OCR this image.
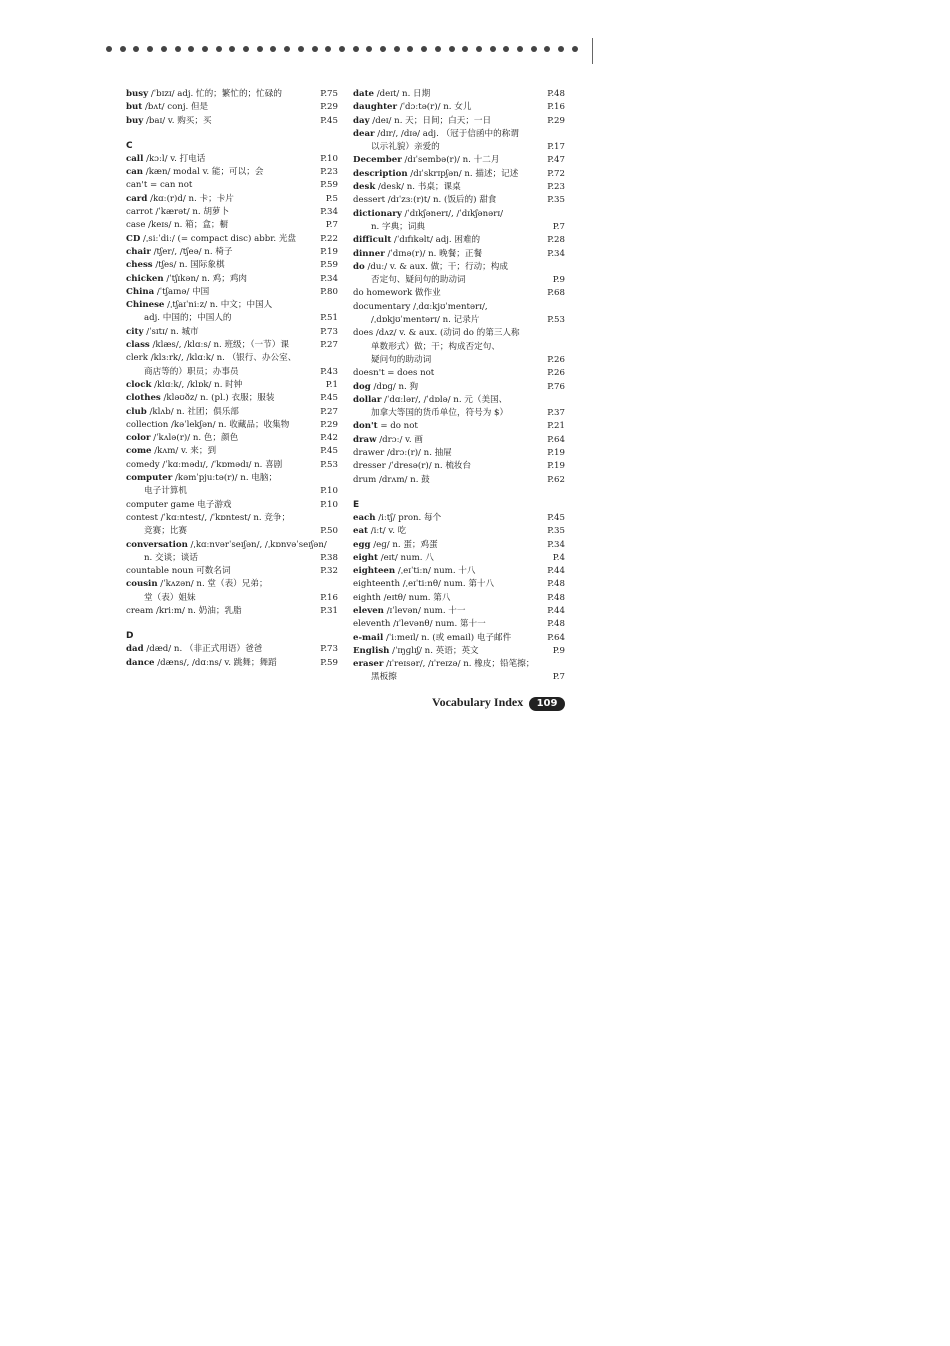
busy /ˈbɪzɪ/ adj. 忙的；繁忙的；忙碌的	P.75
but /bʌt/ conj. 但是	P.29
buy /baɪ/ v. 购买；买	P.45
C
call /kɔːl/ v. 打电话	P.10
can /kæn/ modal v. 能；可以；会	P.23
can't = can not	P.59
card /kɑː(r)d/ n. 卡；卡片	P.5
carrot /ˈkærət/ n. 胡萝卜	P.34
case /keɪs/ n. 箱；盒；橱	P.7
CD /ˌsiːˈdiː/ (= compact disc) abbr. 光盘	P.22
chair /tʃer/, /tʃeə/ n. 椅子	P.19
chess /tʃes/ n. 国际象棋	P.59
chicken /ˈtʃɪkən/ n. 鸡；鸡肉	P.34
China /ˈtʃaɪnə/ 中国	P.80
Chinese /ˌtʃaɪˈniːz/ n. 中文；中国人
adj. 中国的；中国人的	P.51
city /ˈsɪtɪ/ n. 城市	P.73
class /klæs/, /klɑːs/ n. 班级；（一节）课	P.27
clerk /klɜːrk/, /klɑːk/ n. （银行、办公室、
商店等的）职员；办事员	P.43
clock /klɑːk/, /klɒk/ n. 时钟	P.1
clothes /kləʊðz/ n. (pl.) 衣服；服装	P.45
club /klʌb/ n. 社团；俱乐部	P.27
collection /kəˈlekʃən/ n. 收藏品；收集物	P.29
color /ˈkʌlə(r)/ n. 色；颜色	P.42
come /kʌm/ v. 来；到	P.45
comedy /ˈkɑːmədɪ/, /ˈkɒmədɪ/ n. 喜剧	P.53
computer /kəmˈpjuːtə(r)/ n. 电脑；
电子计算机	P.10
computer game 电子游戏	P.10
contest /ˈkɑːntest/, /ˈkɒntest/ n. 竞争；
竞赛；比赛	P.50
conversation /ˌkɑːnvərˈseɪʃən/, /ˌkɒnvəˈseɪʃən/
n. 交谈；谈话	P.38
countable noun 可数名词	P.32
cousin /ˈkʌzən/ n. 堂（表）兄弟；
堂（表）姐妹	P.16
cream /kriːm/ n. 奶油；乳脂	P.31
D
dad /dæd/ n. （非正式用语）爸爸	P.73
dance /dæns/, /dɑːns/ v. 跳舞；舞蹈	P.59
date /deɪt/ n. 日期	P.48
daughter /ˈdɔːtə(r)/ n. 女儿	P.16
day /deɪ/ n. 天；日间；白天；一日	P.29
dear /dɪr/, /dɪə/ adj. （冠于信函中的称谓
以示礼貌）亲爱的	P.17
December /dɪˈsembə(r)/ n. 十二月	P.47
description /dɪˈskrɪpʃən/ n. 描述；记述	P.72
desk /desk/ n. 书桌；课桌	P.23
dessert /dɪˈzɜː(r)t/ n. (饭后的) 甜食	P.35
dictionary /ˈdɪkʃənerɪ/, /ˈdɪkʃənərɪ/
n. 字典；词典	P.7
difficult /ˈdɪfɪkəlt/ adj. 困难的	P.28
dinner /ˈdɪnə(r)/ n. 晚餐；正餐	P.34
do /duː/ v. & aux. 做；干；行动；构成
否定句、疑问句的助动词	P.9
do homework 做作业	P.68
documentary /ˌdɑːkjʊˈmentərɪ/,
/ˌdɒkjʊˈmentərɪ/ n. 记录片	P.53
does /dʌz/ v. & aux. (动词 do 的第三人称
单数形式）做；干；构成否定句、
疑问句的助动词	P.26
doesn't = does not	P.26
dog /dɒɡ/ n. 狗	P.76
dollar /ˈdɑːlər/, /ˈdɒlə/ n. 元（美国、
加拿大等国的货币单位，符号为 $）	P.37
don't = do not	P.21
draw /drɔː/ v. 画	P.64
drawer /drɔː(r)/ n. 抽屉	P.19
dresser /ˈdresə(r)/ n. 梳妆台	P.19
drum /drʌm/ n. 鼓	P.62
E
each /iːtʃ/ pron. 每个	P.45
eat /iːt/ v. 吃	P.35
egg /eɡ/ n. 蛋；鸡蛋	P.34
eight /eɪt/ num. 八	P.4
eighteen /ˌeɪˈtiːn/ num. 十八	P.44
eighteenth /ˌeɪˈtiːnθ/ num. 第十八	P.48
eighth /eɪtθ/ num. 第八	P.48
eleven /ɪˈlevən/ num. 十一	P.44
eleventh /ɪˈlevənθ/ num. 第十一	P.48
e-mail /ˈiːmeɪl/ n. (或 email) 电子邮件	P.64
English /ˈɪŋɡlɪʃ/ n. 英语；英文	P.9
eraser /ɪˈreɪsər/, /ɪˈreɪzə/ n. 橡皮；铅笔擦；
黑板擦	P.7
Vocabulary Index	109
